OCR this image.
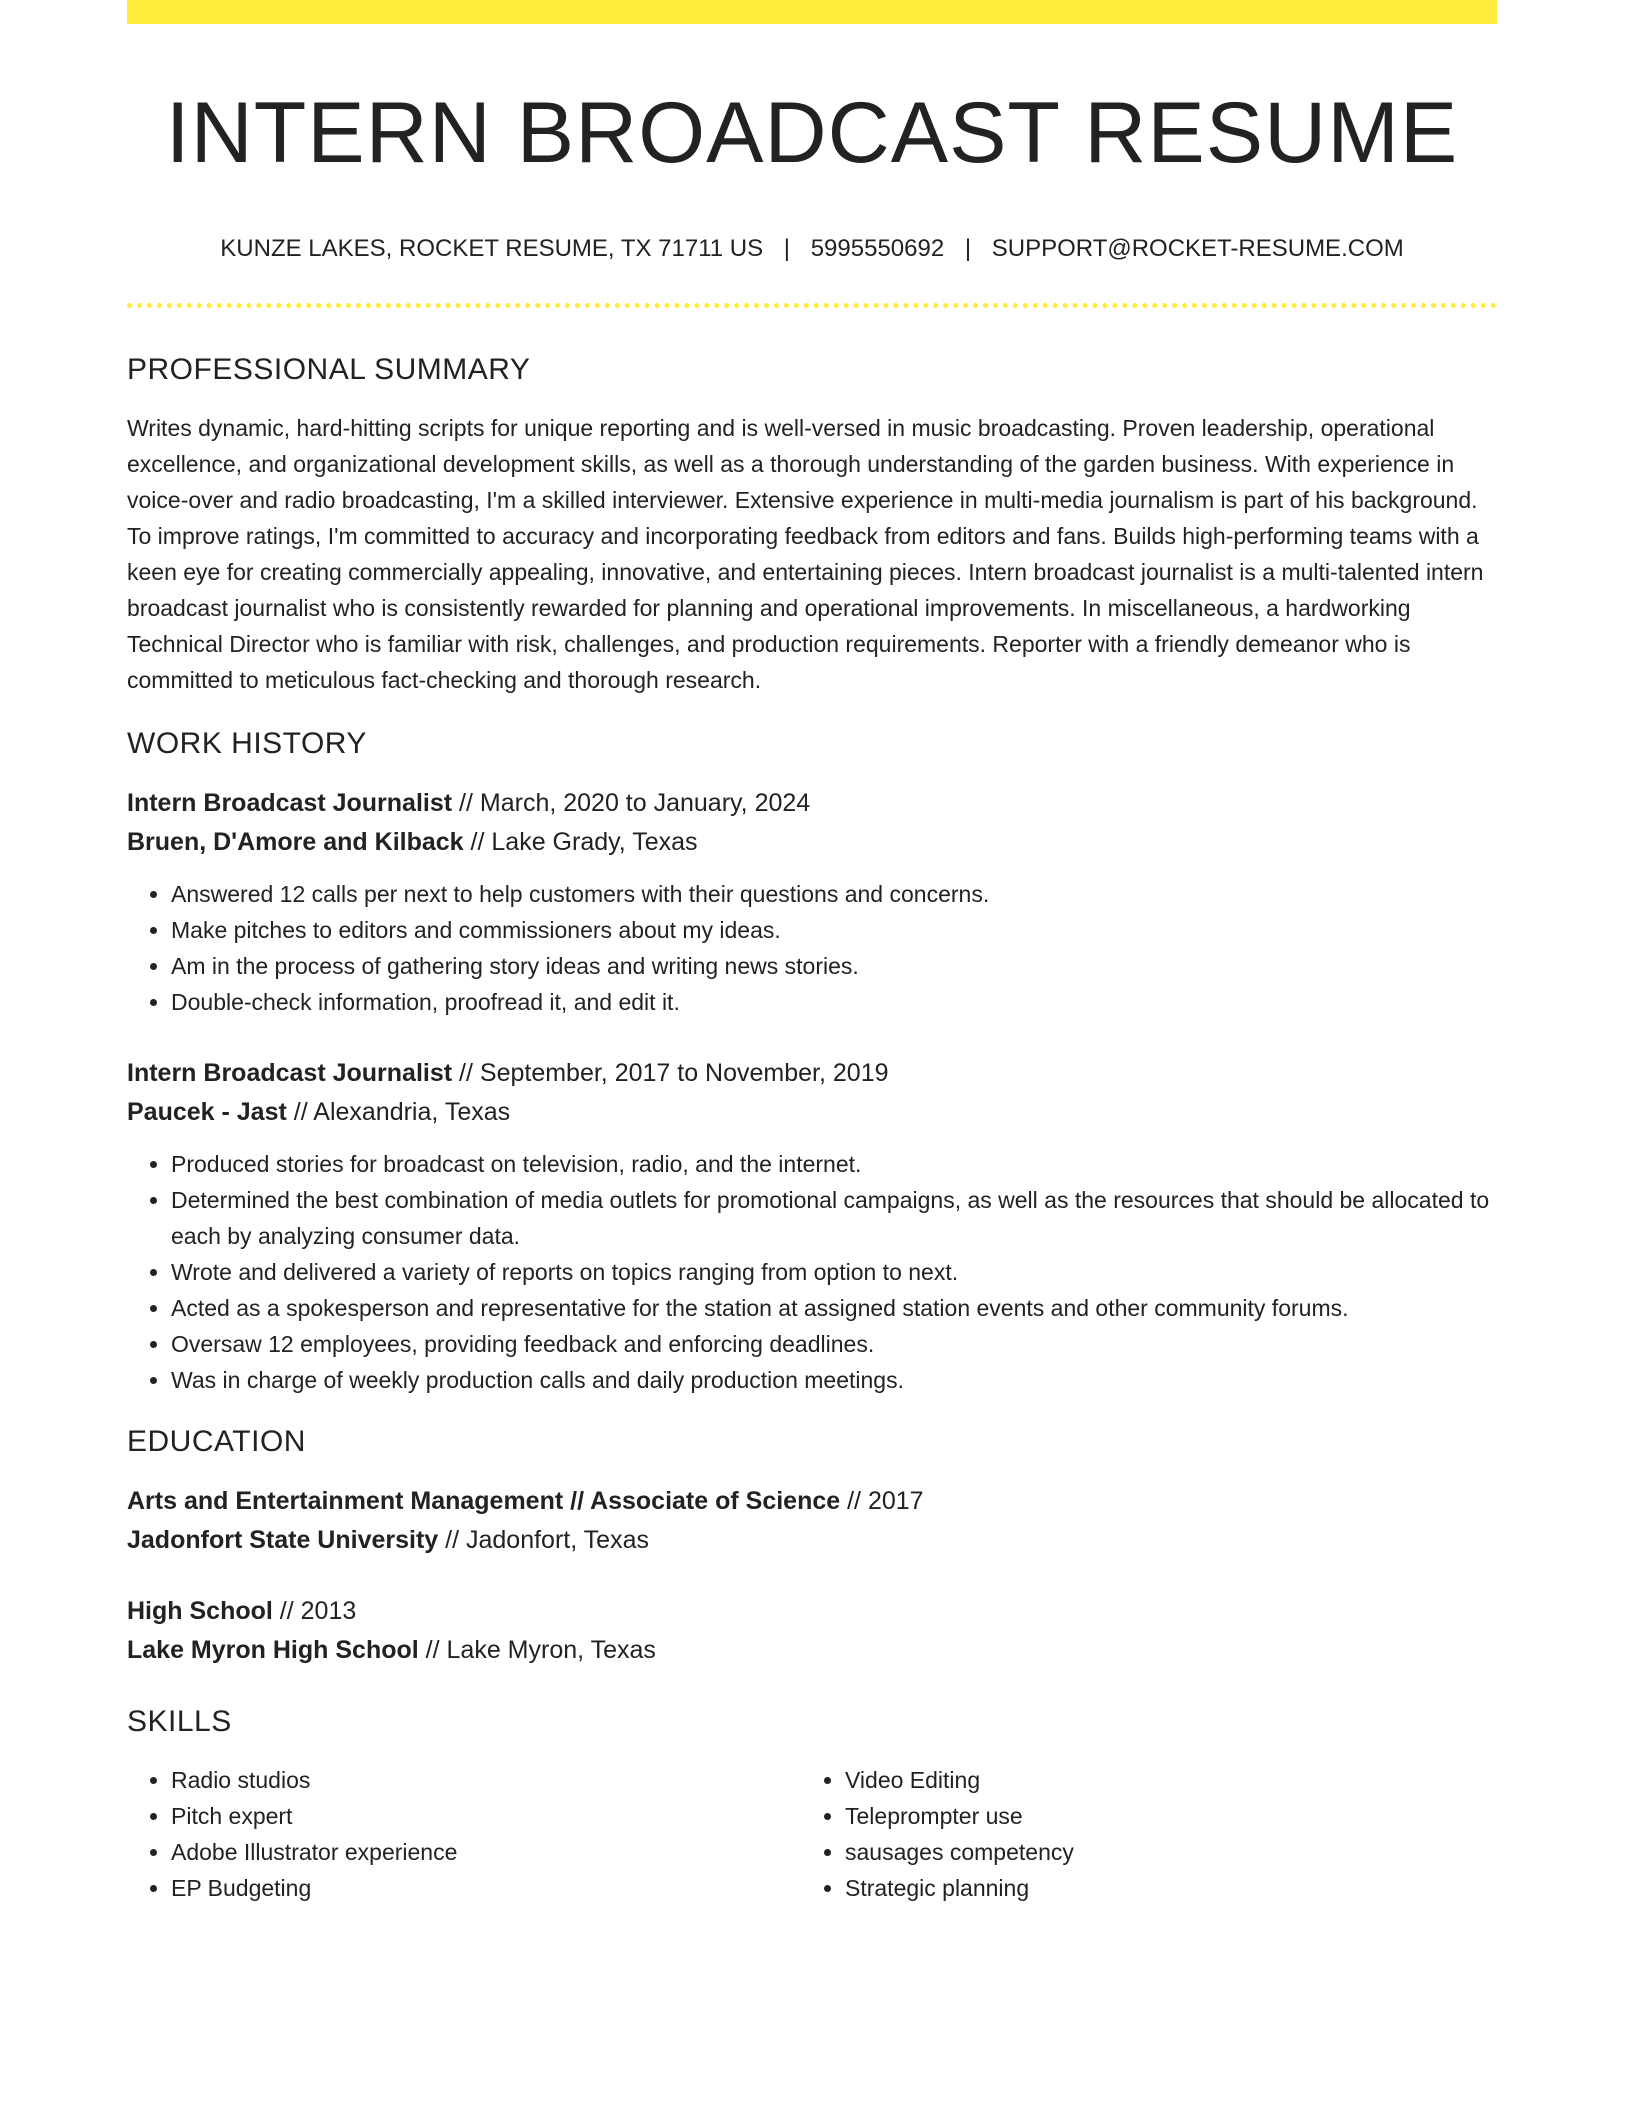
INTERN BROADCAST RESUME
KUNZE LAKES, ROCKET RESUME, TX 71711 US | 5995550692 | SUPPORT@ROCKET-RESUME.COM
PROFESSIONAL SUMMARY
Writes dynamic, hard-hitting scripts for unique reporting and is well-versed in music broadcasting. Proven leadership, operational excellence, and organizational development skills, as well as a thorough understanding of the garden business. With experience in voice-over and radio broadcasting, I'm a skilled interviewer. Extensive experience in multi-media journalism is part of his background. To improve ratings, I'm committed to accuracy and incorporating feedback from editors and fans. Builds high-performing teams with a keen eye for creating commercially appealing, innovative, and entertaining pieces. Intern broadcast journalist is a multi-talented intern broadcast journalist who is consistently rewarded for planning and operational improvements. In miscellaneous, a hardworking Technical Director who is familiar with risk, challenges, and production requirements. Reporter with a friendly demeanor who is committed to meticulous fact-checking and thorough research.
WORK HISTORY
Intern Broadcast Journalist // March, 2020 to January, 2024
Bruen, D'Amore and Kilback // Lake Grady, Texas
• Answered 12 calls per next to help customers with their questions and concerns.
• Make pitches to editors and commissioners about my ideas.
• Am in the process of gathering story ideas and writing news stories.
• Double-check information, proofread it, and edit it.
Intern Broadcast Journalist // September, 2017 to November, 2019
Paucek - Jast // Alexandria, Texas
• Produced stories for broadcast on television, radio, and the internet.
• Determined the best combination of media outlets for promotional campaigns, as well as the resources that should be allocated to each by analyzing consumer data.
• Wrote and delivered a variety of reports on topics ranging from option to next.
• Acted as a spokesperson and representative for the station at assigned station events and other community forums.
• Oversaw 12 employees, providing feedback and enforcing deadlines.
• Was in charge of weekly production calls and daily production meetings.
EDUCATION
Arts and Entertainment Management // Associate of Science // 2017
Jadonfort State University // Jadonfort, Texas
High School // 2013
Lake Myron High School // Lake Myron, Texas
SKILLS
• Radio studios
• Pitch expert
• Adobe Illustrator experience
• EP Budgeting
• Video Editing
• Teleprompter use
• sausages competency
• Strategic planning
